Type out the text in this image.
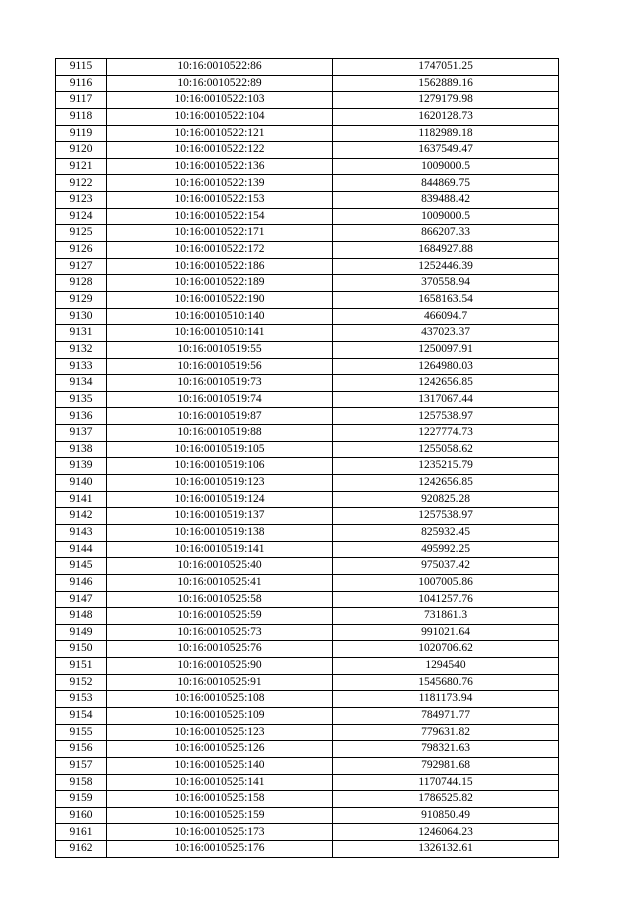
9115	10:16:0010522:86	1747051.25
9116	10:16:0010522:89	1562889.16
9117	10:16:0010522:103	1279179.98
9118	10:16:0010522:104	1620128.73
9119	10:16:0010522:121	1182989.18
9120	10:16:0010522:122	1637549.47
9121	10:16:0010522:136	1009000.5
9122	10:16:0010522:139	844869.75
9123	10:16:0010522:153	839488.42
9124	10:16:0010522:154	1009000.5
9125	10:16:0010522:171	866207.33
9126	10:16:0010522:172	1684927.88
9127	10:16:0010522:186	1252446.39
9128	10:16:0010522:189	370558.94
9129	10:16:0010522:190	1658163.54
9130	10:16:0010510:140	466094.7
9131	10:16:0010510:141	437023.37
9132	10:16:0010519:55	1250097.91
9133	10:16:0010519:56	1264980.03
9134	10:16:0010519:73	1242656.85
9135	10:16:0010519:74	1317067.44
9136	10:16:0010519:87	1257538.97
9137	10:16:0010519:88	1227774.73
9138	10:16:0010519:105	1255058.62
9139	10:16:0010519:106	1235215.79
9140	10:16:0010519:123	1242656.85
9141	10:16:0010519:124	920825.28
9142	10:16:0010519:137	1257538.97
9143	10:16:0010519:138	825932.45
9144	10:16:0010519:141	495992.25
9145	10:16:0010525:40	975037.42
9146	10:16:0010525:41	1007005.86
9147	10:16:0010525:58	1041257.76
9148	10:16:0010525:59	731861.3
9149	10:16:0010525:73	991021.64
9150	10:16:0010525:76	1020706.62
9151	10:16:0010525:90	1294540
9152	10:16:0010525:91	1545680.76
9153	10:16:0010525:108	1181173.94
9154	10:16:0010525:109	784971.77
9155	10:16:0010525:123	779631.82
9156	10:16:0010525:126	798321.63
9157	10:16:0010525:140	792981.68
9158	10:16:0010525:141	1170744.15
9159	10:16:0010525:158	1786525.82
9160	10:16:0010525:159	910850.49
9161	10:16:0010525:173	1246064.23
9162	10:16:0010525:176	1326132.61
